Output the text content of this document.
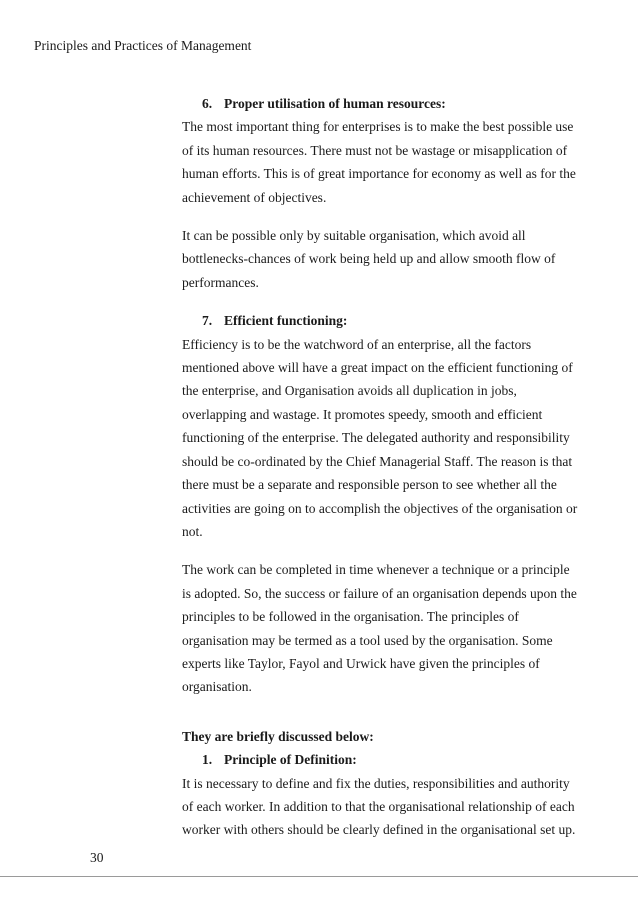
Principles and Practices of Management

6. Proper utilisation of human resources:

The most important thing for enterprises is to make the best possible use
of its human resources. There must not be wastage or misapplication of
human efforts. This is of great importance for economy as well as for the
achievement of objectives.

It can be possible only by suitable organisation, which avoid all
bottlenecks-chances of work being held up and allow smooth flow of
performances.

7. Efficient functioning:

Efficiency is to be the watchword of an enterprise, all the factors
mentioned above will have a great impact on the efficient functioning of
the enterprise, and Organisation avoids all duplication in jobs,
overlapping and wastage. It promotes speedy, smooth and efficient
functioning of the enterprise. The delegated authority and responsibility
should be co-ordinated by the Chief Managerial Staff. The reason is that
there must be a separate and responsible person to see whether all the
activities are going on to accomplish the objectives of the organisation or
not.

The work can be completed in time whenever a technique or a principle
is adopted. So, the success or failure of an organisation depends upon the
principles to be followed in the organisation. The principles of
organisation may be termed as a tool used by the organisation. Some
experts like Taylor, Fayol and Urwick have given the principles of
organisation.

They are briefly discussed below:

1. Principle of Definition:

It is necessary to define and fix the duties, responsibilities and authority
of each worker. In addition to that the organisational relationship of each
worker with others should be clearly defined in the organisational set up.

30
